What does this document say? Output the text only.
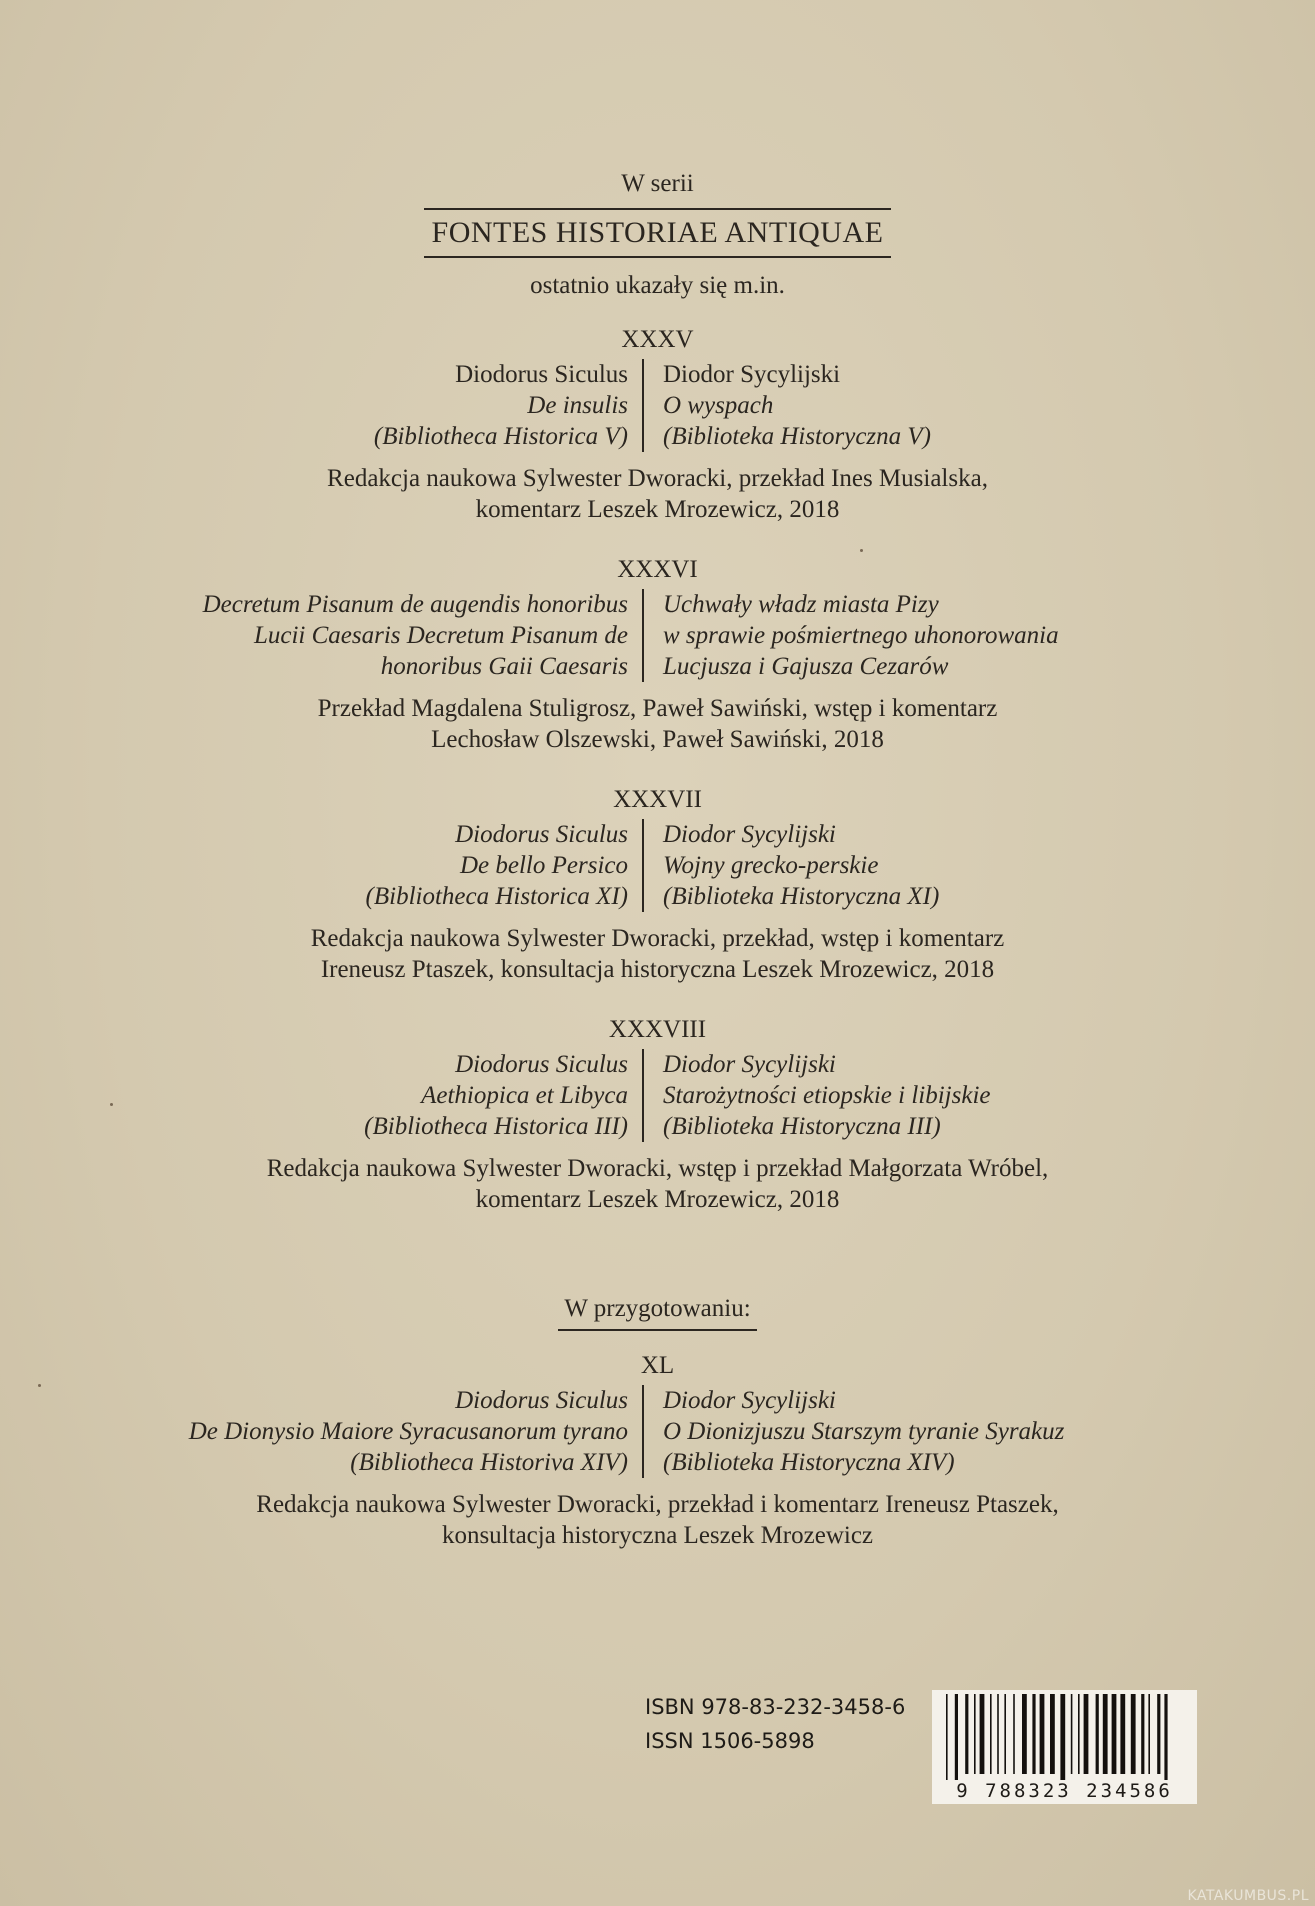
W serii
FONTES HISTORIAE ANTIQUAE
ostatnio ukazały się m.in.
XXXV
Diodorus Siculus
De insulis
(Bibliotheca Historica V)
Diodor Sycylijski
O wyspach
(Biblioteka Historyczna V)
Redakcja naukowa Sylwester Dworacki, przekład Ines Musialska,
komentarz Leszek Mrozewicz, 2018
XXXVI
Decretum Pisanum de augendis honoribus
Lucii Caesaris Decretum Pisanum de
honoribus Gaii Caesaris
Uchwały władz miasta Pizy
w sprawie pośmiertnego uhonorowania
Lucjusza i Gajusza Cezarów
Przekład Magdalena Stuligrosz, Paweł Sawiński, wstęp i komentarz
Lechosław Olszewski, Paweł Sawiński, 2018
XXXVII
Diodorus Siculus
De bello Persico
(Bibliotheca Historica XI)
Diodor Sycylijski
Wojny grecko-perskie
(Biblioteka Historyczna XI)
Redakcja naukowa Sylwester Dworacki, przekład, wstęp i komentarz
Ireneusz Ptaszek, konsultacja historyczna Leszek Mrozewicz, 2018
XXXVIII
Diodorus Siculus
Aethiopica et Libyca
(Bibliotheca Historica III)
Diodor Sycylijski
Starożytności etiopskie i libijskie
(Biblioteka Historyczna III)
Redakcja naukowa Sylwester Dworacki, wstęp i przekład Małgorzata Wróbel,
komentarz Leszek Mrozewicz, 2018
W przygotowaniu:
XL
Diodorus Siculus
De Dionysio Maiore Syracusanorum tyrano
(Bibliotheca Historiva XIV)
Diodor Sycylijski
O Dionizjuszu Starszym tyranie Syrakuz
(Biblioteka Historyczna XIV)
Redakcja naukowa Sylwester Dworacki, przekład i komentarz Ireneusz Ptaszek,
konsultacja historyczna Leszek Mrozewicz
ISBN 978-83-232-3458-6
ISSN 1506-5898
9 788323 234586
KATAKUMBUS.PL
